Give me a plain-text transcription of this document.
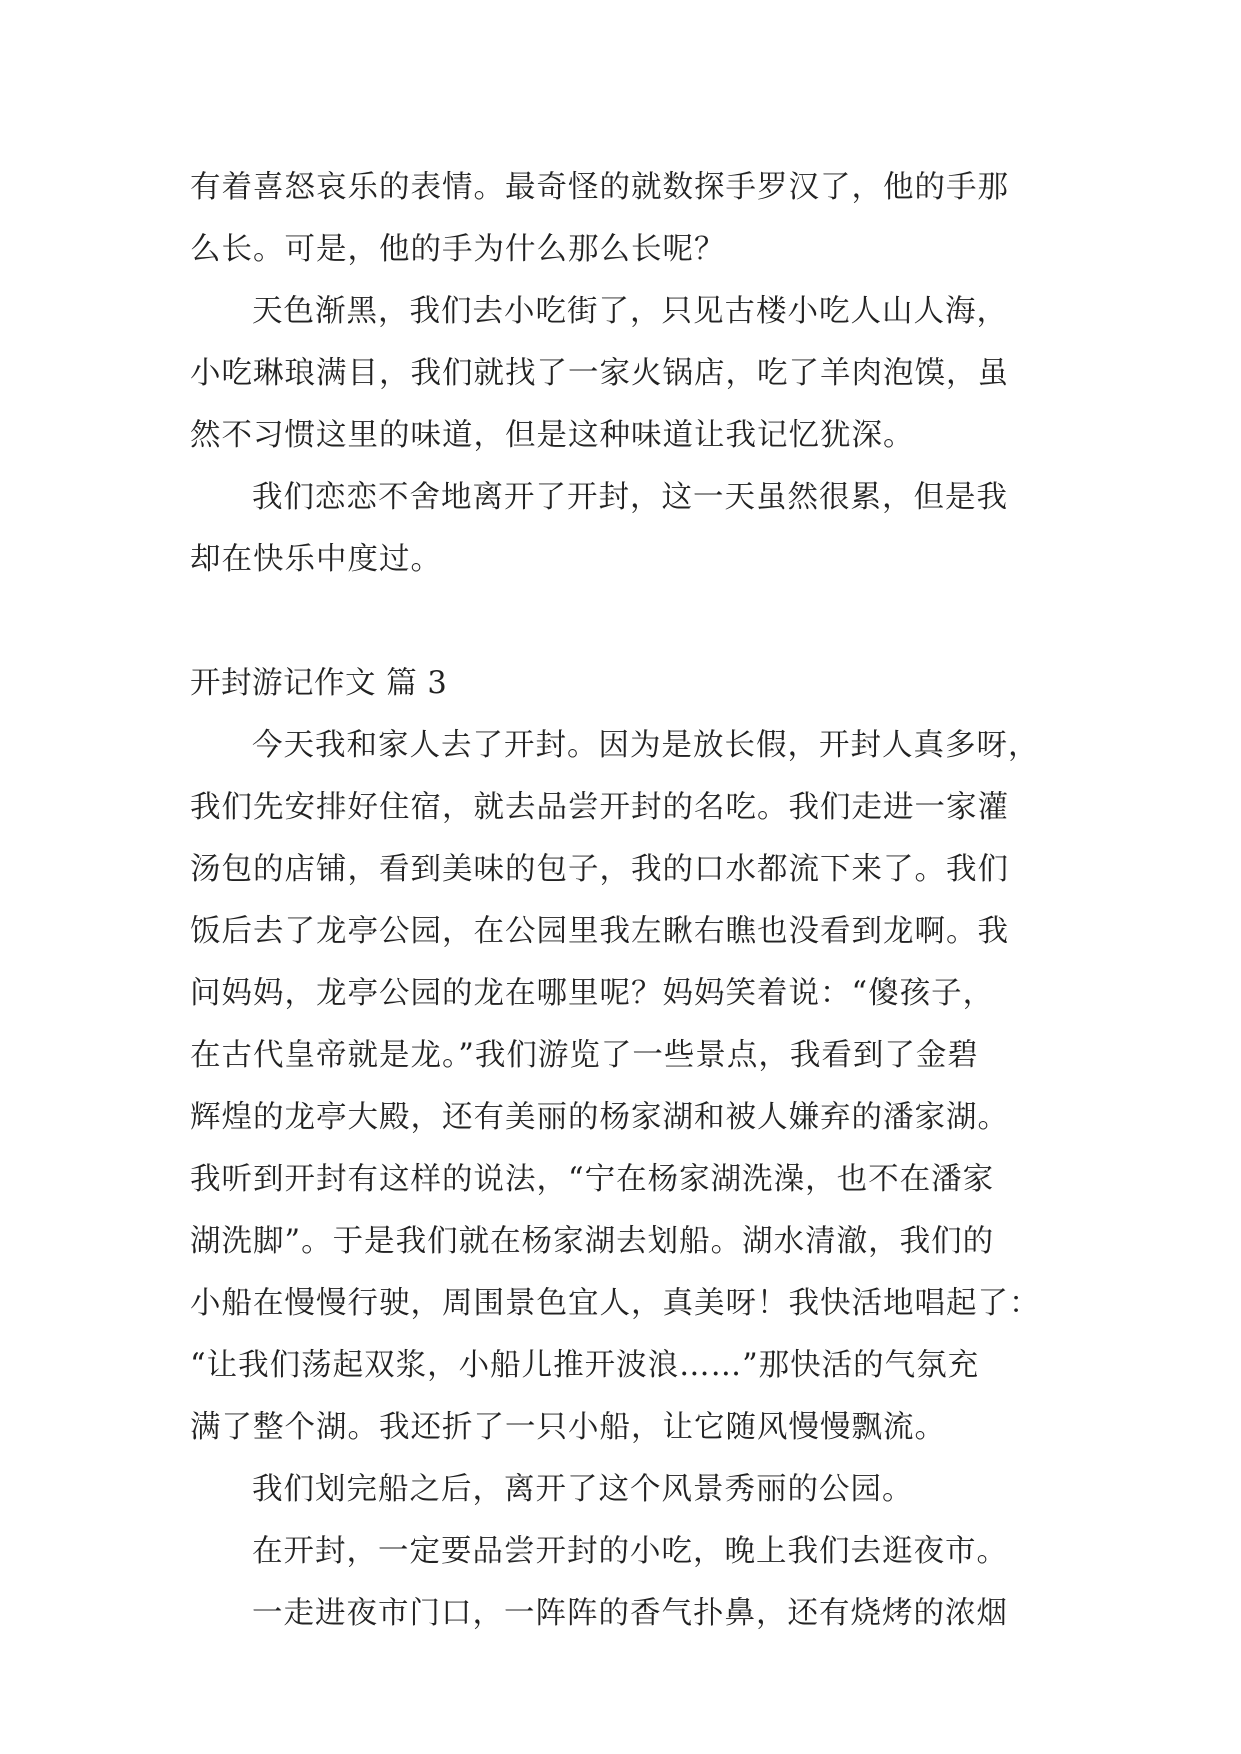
有着喜怒哀乐的表情。最奇怪的就数探手罗汉了，他的手那
么长。可是，他的手为什么那么长呢？
天色渐黑，我们去小吃街了，只见古楼小吃人山人海，
小吃琳琅满目，我们就找了一家火锅店，吃了羊肉泡馍，虽
然不习惯这里的味道，但是这种味道让我记忆犹深。
我们恋恋不舍地离开了开封，这一天虽然很累，但是我
却在快乐中度过。
开封游记作文 篇 3
今天我和家人去了开封。因为是放长假，开封人真多呀，
我们先安排好住宿，就去品尝开封的名吃。我们走进一家灌
汤包的店铺，看到美味的包子，我的口水都流下来了。我们
饭后去了龙亭公园，在公园里我左瞅右瞧也没看到龙啊。我
问妈妈，龙亭公园的龙在哪里呢？妈妈笑着说：“傻孩子，
在古代皇帝就是龙。”我们游览了一些景点，我看到了金碧
辉煌的龙亭大殿，还有美丽的杨家湖和被人嫌弃的潘家湖。
我听到开封有这样的说法，“宁在杨家湖洗澡，也不在潘家
湖洗脚”。于是我们就在杨家湖去划船。湖水清澈，我们的
小船在慢慢行驶，周围景色宜人，真美呀！我快活地唱起了：
“让我们荡起双浆，小船儿推开波浪……”那快活的气氛充
满了整个湖。我还折了一只小船，让它随风慢慢飘流。
我们划完船之后，离开了这个风景秀丽的公园。
在开封，一定要品尝开封的小吃，晚上我们去逛夜市。
一走进夜市门口，一阵阵的香气扑鼻，还有烧烤的浓烟
